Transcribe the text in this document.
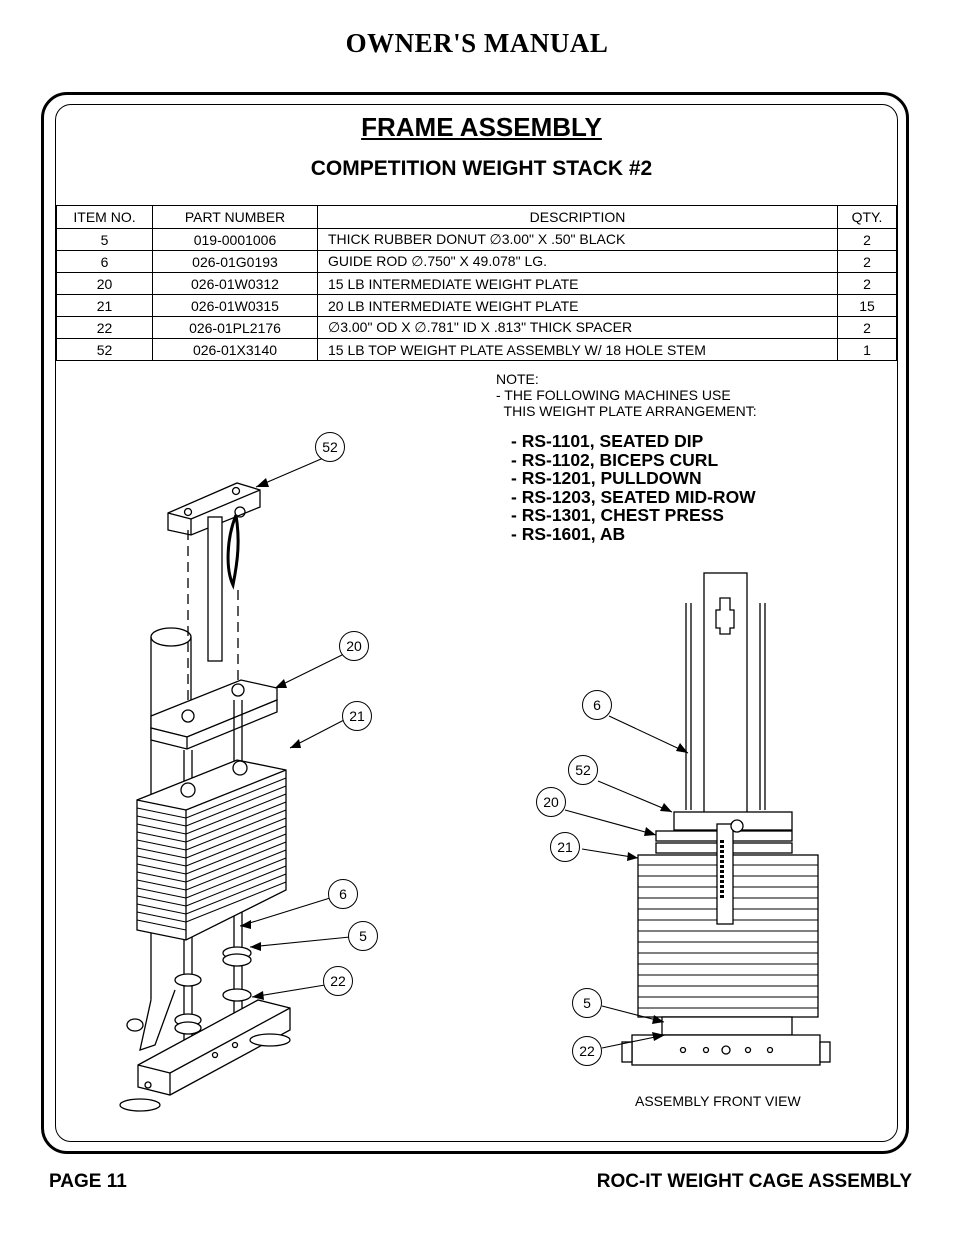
OWNER'S MANUAL
FRAME ASSEMBLY
COMPETITION WEIGHT STACK #2
ITEM NO.	PART NUMBER	DESCRIPTION	QTY.
5	019-0001006	THICK RUBBER DONUT ∅3.00" X .50" BLACK	2
6	026-01G0193	GUIDE ROD ∅.750" X 49.078" LG.	2
20	026-01W0312	15 LB INTERMEDIATE WEIGHT PLATE	2
21	026-01W0315	20 LB INTERMEDIATE WEIGHT PLATE	15
22	026-01PL2176	∅3.00" OD X ∅.781" ID X .813" THICK SPACER	2
52	026-01X3140	15 LB TOP WEIGHT PLATE ASSEMBLY W/ 18 HOLE STEM	1
NOTE:
- THE FOLLOWING MACHINES USE
THIS WEIGHT PLATE ARRANGEMENT:
- RS-1101, SEATED DIP
- RS-1102, BICEPS CURL
- RS-1201, PULLDOWN
- RS-1203, SEATED MID-ROW
- RS-1301, CHEST PRESS
- RS-1601, AB
52
20
21
6
5
22
6
52
20
21
5
22
ASSEMBLY FRONT VIEW
PAGE 11	ROC-IT WEIGHT CAGE ASSEMBLY
